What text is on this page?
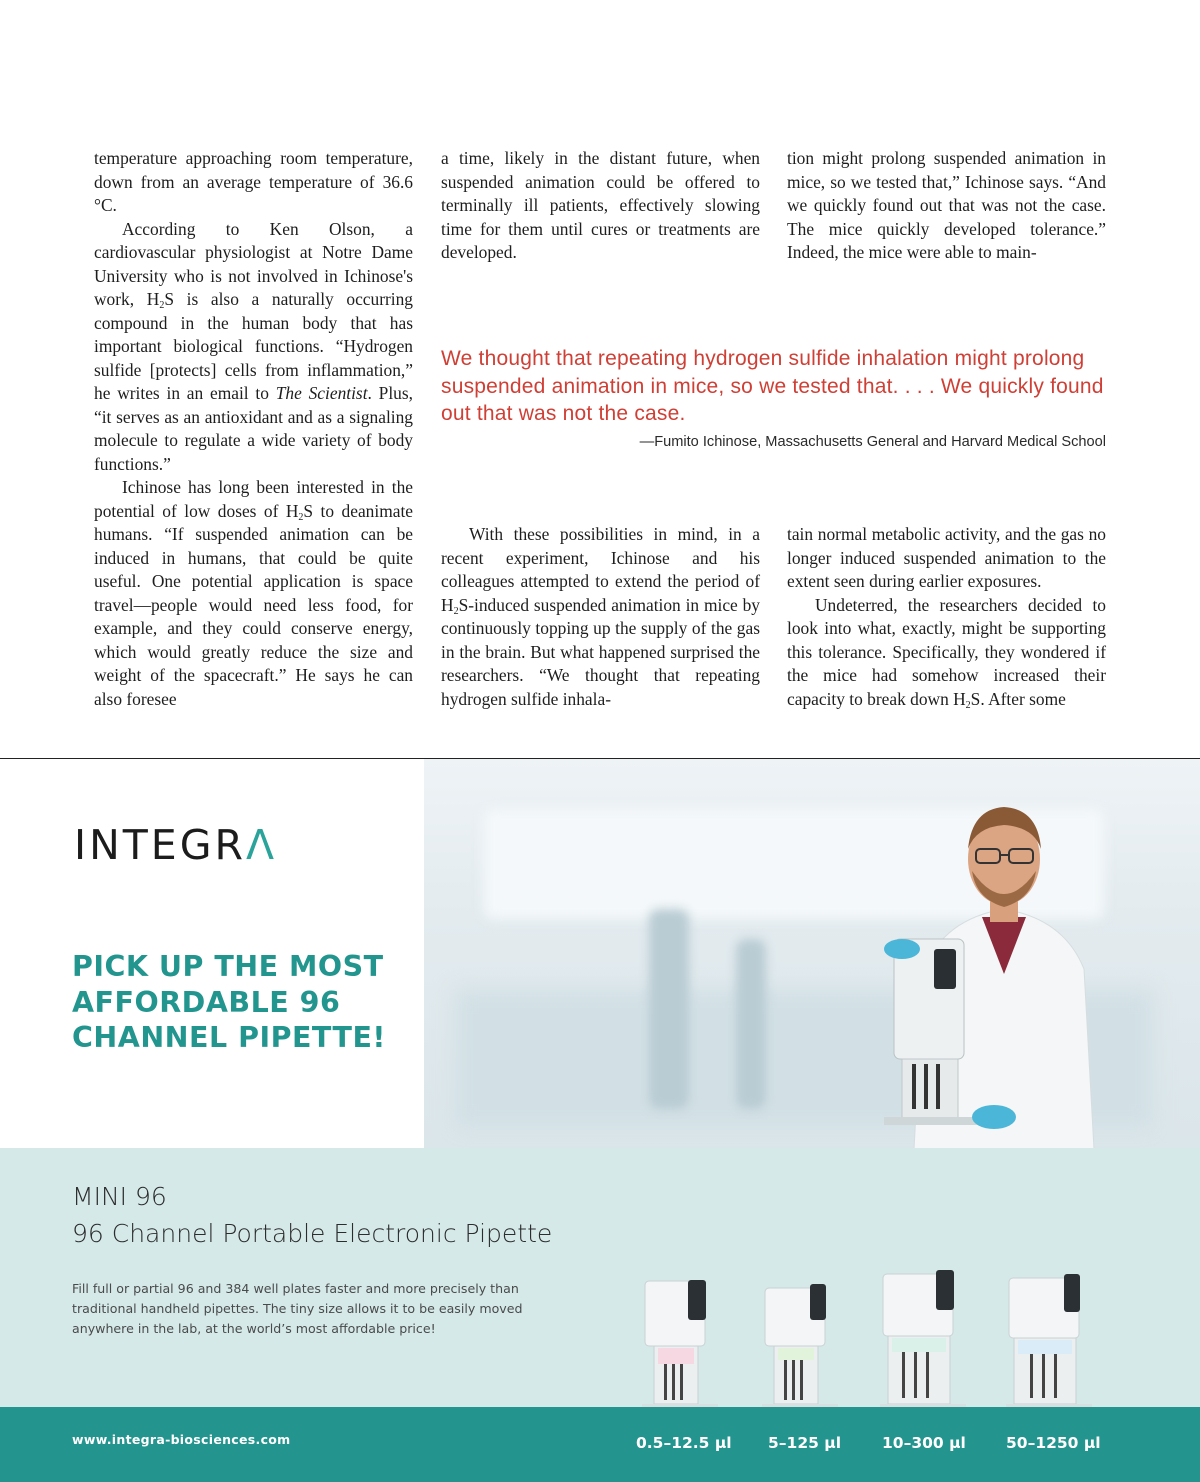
temperature approaching room temperature, down from an average temperature of 36.6 °C.

According to Ken Olson, a cardiovascular physiologist at Notre Dame University who is not involved in Ichinose's work, $H_2S$ is also a naturally occurring compound in the human body that has important biological functions. “Hydrogen sulfide [protects] cells from inflammation,” he writes in an email to The Scientist. Plus, “it serves as an antioxidant and as a signaling molecule to regulate a wide variety of body functions.”

Ichinose has long been interested in the potential of low doses of $H_2S$ to deanimate humans. “If suspended animation can be induced in humans, that could be quite useful. One potential application is space travel—people would need less food, for example, and they could conserve energy, which would greatly reduce the size and weight of the spacecraft.” He says he can also foresee

a time, likely in the distant future, when suspended animation could be offered to terminally ill patients, effectively slowing time for them until cures or treatments are developed.

tion might prolong suspended animation in mice, so we tested that,” Ichinose says. “And we quickly found out that was not the case. The mice quickly developed tolerance.” Indeed, the mice were able to main-

We thought that repeating hydrogen sulfide inhalation might prolong suspended animation in mice, so we tested that. . . . We quickly found out that was not the case.
—Fumito Ichinose, Massachusetts General and Harvard Medical School

With these possibilities in mind, in a recent experiment, Ichinose and his colleagues attempted to extend the period of $H_2S$-induced suspended animation in mice by continuously topping up the supply of the gas in the brain. But what happened surprised the researchers. “We thought that repeating hydrogen sulfide inhala-

tain normal metabolic activity, and the gas no longer induced suspended animation to the extent seen during earlier exposures.

Undeterred, the researchers decided to look into what, exactly, might be supporting this tolerance. Specifically, they wondered if the mice had somehow increased their capacity to break down $H_2S$. After some

INTEGRΛ
PICK UP THE MOST AFFORDABLE 96 CHANNEL PIPETTE!
MINI 96
96 Channel Portable Electronic Pipette
Fill full or partial 96 and 384 well plates faster and more precisely than traditional handheld pipettes. The tiny size allows it to be easily moved anywhere in the lab, at the world’s most affordable price!
www.integra-biosciences.com	0.5–12.5 µl 5–125 µl	10–300 µl	50–1250 µl
